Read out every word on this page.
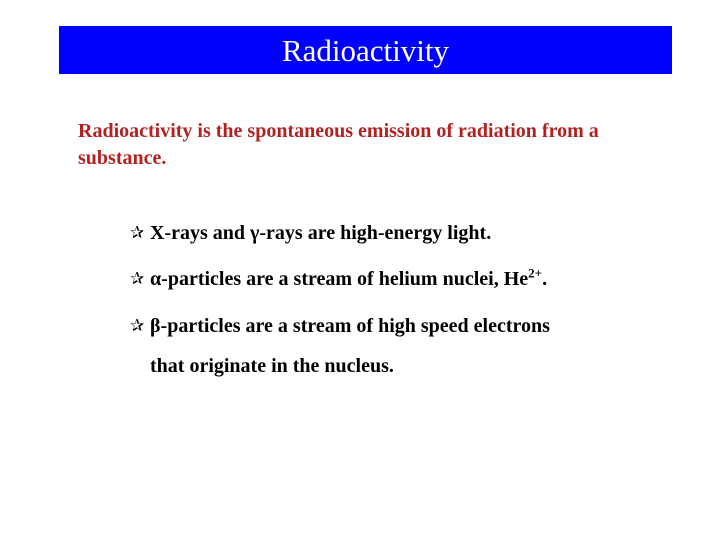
Radioactivity
Radioactivity is the spontaneous emission of radiation from a substance.
✰ X-rays and γ-rays are high-energy light.
✰ α-particles are a stream of helium nuclei, $He^{2+}$.
✰ β-particles are a stream of high speed electrons
that originate in the nucleus.
